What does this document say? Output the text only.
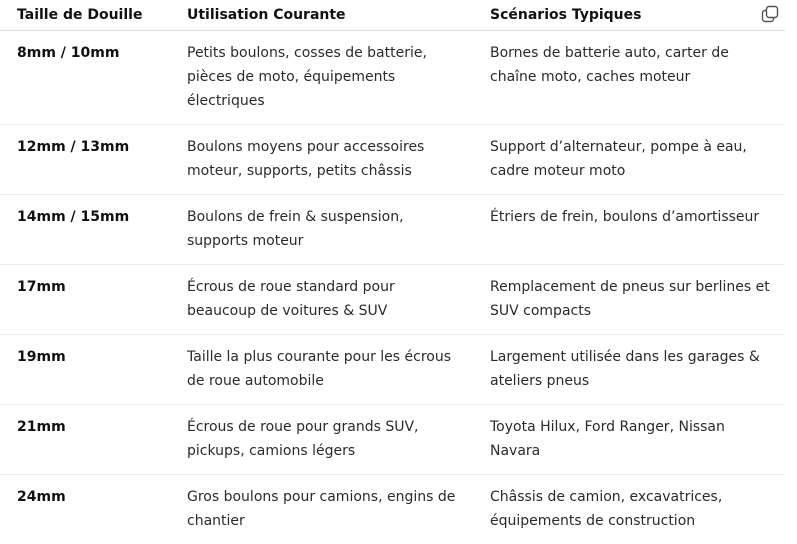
Taille de Douille	Utilisation Courante	Scénarios Typiques
8mm / 10mm	Petits boulons, cosses de batterie, pièces de moto, équipements électriques	Bornes de batterie auto, carter de chaîne moto, caches moteur
12mm / 13mm	Boulons moyens pour accessoires moteur, supports, petits châssis	Support d’alternateur, pompe à eau, cadre moteur moto
14mm / 15mm	Boulons de frein & suspension, supports moteur	Étriers de frein, boulons d’amortisseur
17mm	Écrous de roue standard pour beaucoup de voitures & SUV	Remplacement de pneus sur berlines et SUV compacts
19mm	Taille la plus courante pour les écrous de roue automobile	Largement utilisée dans les garages & ateliers pneus
21mm	Écrous de roue pour grands SUV, pickups, camions légers	Toyota Hilux, Ford Ranger, Nissan Navara
24mm	Gros boulons pour camions, engins de chantier	Châssis de camion, excavatrices, équipements de construction
